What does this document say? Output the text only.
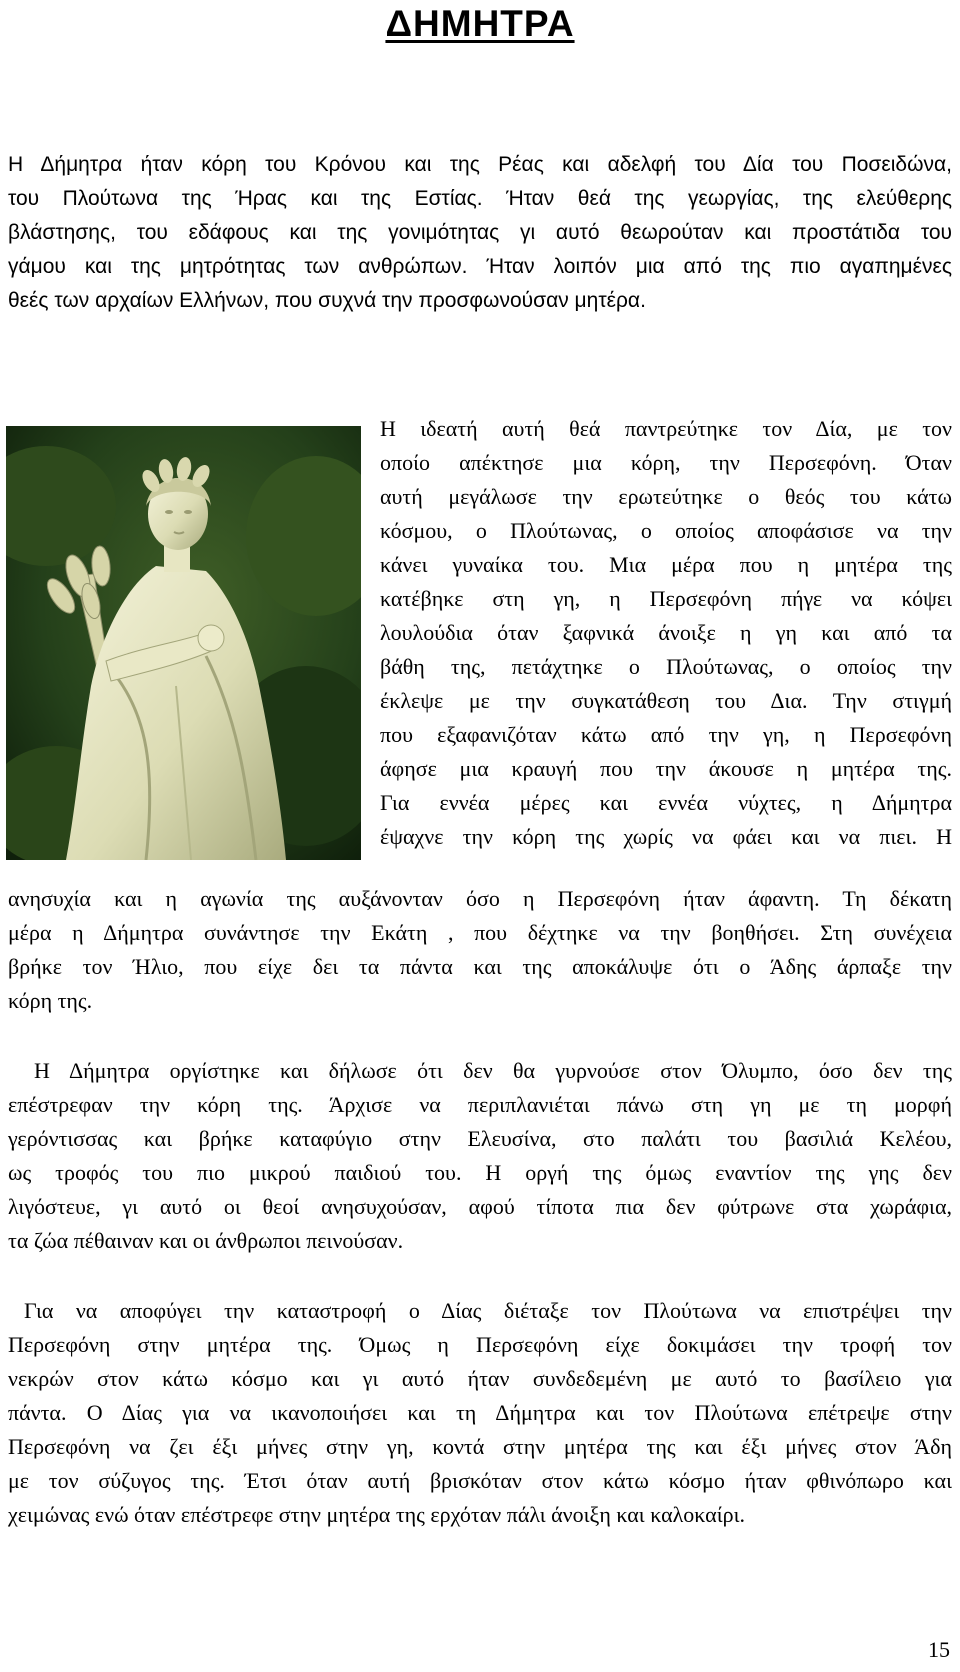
ΔΗΜΗΤΡΑ

Η Δήμητρα ήταν κόρη του Κρόνου και της Ρέας και αδελφή του Δία του Ποσειδώνα,
του Πλούτωνα της Ήρας και της Εστίας. Ήταν θεά της γεωργίας, της ελεύθερης
βλάστησης, του εδάφους και της γονιμότητας γι αυτό θεωρούταν και προστάτιδα του
γάμου και της μητρότητας των ανθρώπων. Ήταν λοιπόν μια από της πιο αγαπημένες
θεές των αρχαίων Ελλήνων, που συχνά την προσφωνούσαν μητέρα.

Η ιδεατή αυτή θεά παντρεύτηκε τον Δία, με τον
οποίο απέκτησε μια κόρη, την Περσεφόνη. Όταν
αυτή μεγάλωσε την ερωτεύτηκε ο θεός του κάτω
κόσμου, ο Πλούτωνας, ο οποίος αποφάσισε να την
κάνει γυναίκα του. Μια μέρα που η μητέρα της
κατέβηκε στη γη, η Περσεφόνη πήγε να κόψει
λουλούδια όταν ξαφνικά άνοιξε η γη και από τα
βάθη της, πετάχτηκε ο Πλούτωνας, ο οποίος την
έκλεψε με την συγκατάθεση του Δια. Την στιγμή
που εξαφανιζόταν κάτω από την γη, η Περσεφόνη
άφησε μια κραυγή που την άκουσε η μητέρα της.
Για εννέα μέρες και εννέα νύχτες, η Δήμητρα
έψαχνε την κόρη της χωρίς να φάει και να πιει. Η

ανησυχία και η αγωνία της αυξάνονταν όσο η Περσεφόνη ήταν άφαντη. Τη δέκατη
μέρα η Δήμητρα συνάντησε την Εκάτη , που δέχτηκε να την βοηθήσει. Στη συνέχεια
βρήκε τον Ήλιο, που είχε δει τα πάντα και της αποκάλυψε ότι ο Άδης άρπαξε την
κόρη της.

Η Δήμητρα οργίστηκε και δήλωσε ότι δεν θα γυρνούσε στον Όλυμπο, όσο δεν της
επέστρεφαν την κόρη της. Άρχισε να περιπλανιέται πάνω στη γη με τη μορφή
γερόντισσας και βρήκε καταφύγιο στην Ελευσίνα, στο παλάτι του βασιλιά Κελέου,
ως τροφός του πιο μικρού παιδιού του. Η οργή της όμως εναντίον της γης δεν
λιγόστευε, γι αυτό οι θεοί ανησυχούσαν, αφού τίποτα πια δεν φύτρωνε στα χωράφια,
τα ζώα πέθαιναν και οι άνθρωποι πεινούσαν.

Για να αποφύγει την καταστροφή ο Δίας διέταξε τον Πλούτωνα να επιστρέψει την
Περσεφόνη στην μητέρα της. Όμως η Περσεφόνη είχε δοκιμάσει την τροφή τον
νεκρών στον κάτω κόσμο και γι αυτό ήταν συνδεδεμένη με αυτό το βασίλειο για
πάντα. Ο Δίας για να ικανοποιήσει και τη Δήμητρα και τον Πλούτωνα επέτρεψε στην
Περσεφόνη να ζει έξι μήνες στην γη, κοντά στην μητέρα της και έξι μήνες στον Άδη
με τον σύζυγος της. Έτσι όταν αυτή βρισκόταν στον κάτω κόσμο ήταν φθινόπωρο και
χειμώνας ενώ όταν επέστρεφε στην μητέρα της ερχόταν πάλι άνοιξη και καλοκαίρι.

15
